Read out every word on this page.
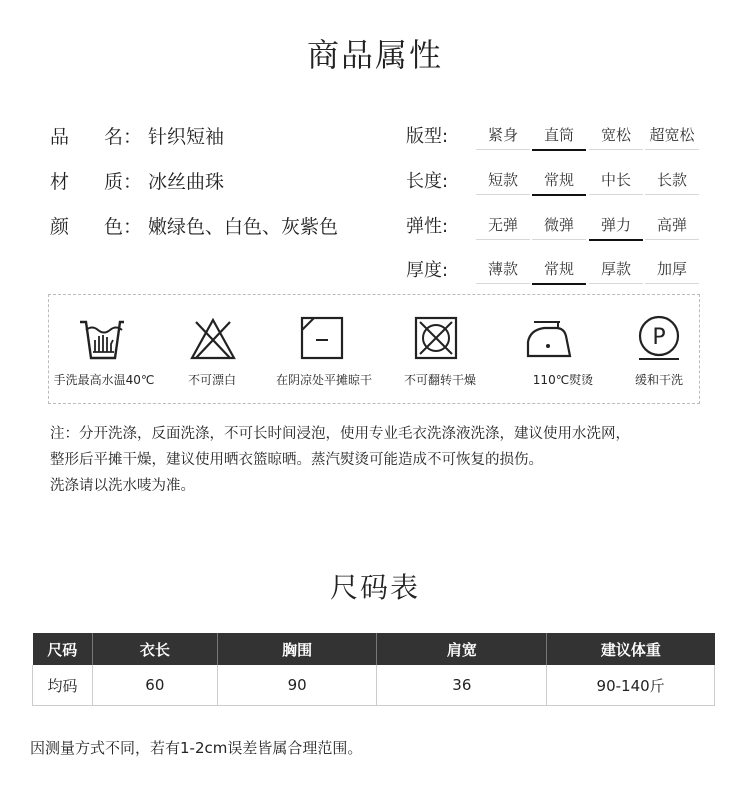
商品属性
品 名： 针织短袖
材 质： 冰丝曲珠
颜 色： 嫩绿色、白色、灰紫色
版型:	紧身	直筒	宽松	超宽松
长度:	短款	常规	中长	长款
弹性:	无弹	微弹	弹力	高弹
厚度:	薄款	常规	厚款	加厚
P
手洗最高水温40℃	不可漂白	在阴凉处平摊晾干	不可翻转干燥	110℃熨烫	缓和干洗
注：分开洗涤，反面洗涤，不可长时间浸泡，使用专业毛衣洗涤液洗涤，建议使用水洗网，
整形后平摊干燥，建议使用晒衣篮晾晒。蒸汽熨烫可能造成不可恢复的损伤。
洗涤请以洗水唛为准。
尺码表
尺码	衣长	胸围	肩宽	建议体重
均码	60	90	36	90-140斤
因测量方式不同，若有1-2cm误差皆属合理范围。
